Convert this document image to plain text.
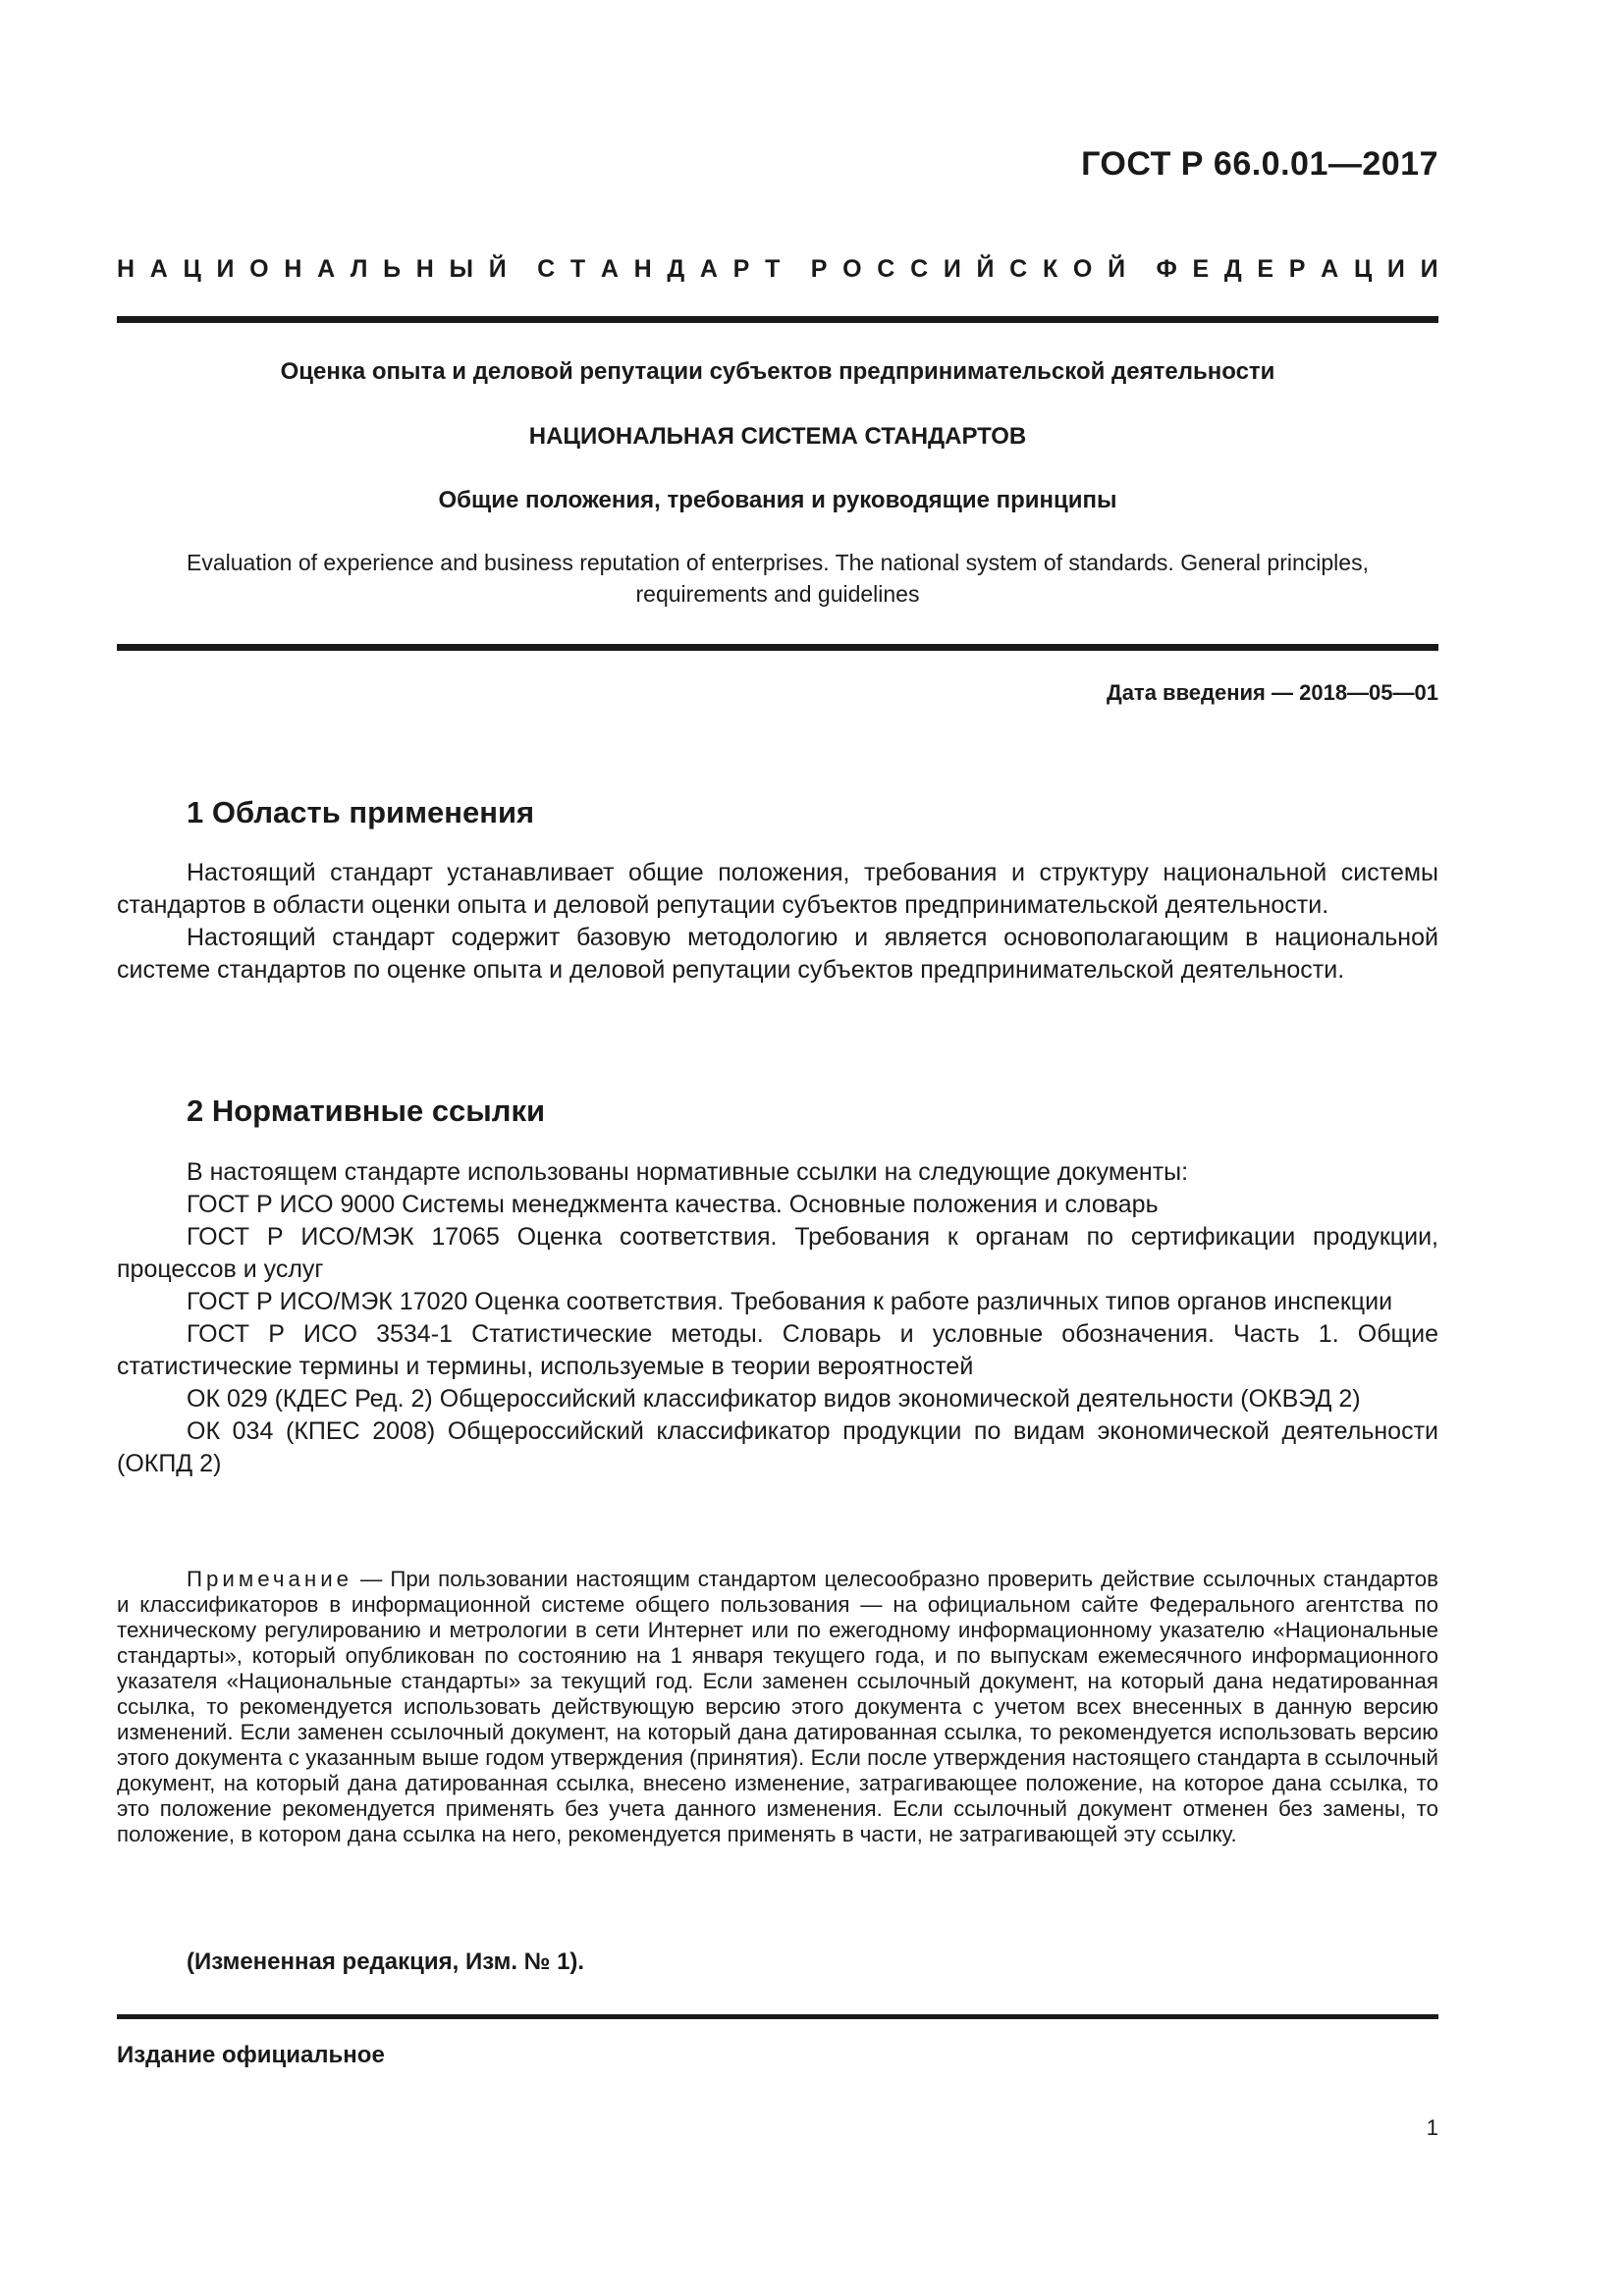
ГОСТ Р 66.0.01—2017
Н А Ц И О Н А Л Ь Н Ы Й С Т А Н Д А Р Т Р О С С И Й С К О Й Ф Е Д Е Р А Ц И И
Оценка опыта и деловой репутации субъектов предпринимательской деятельности
НАЦИОНАЛЬНАЯ СИСТЕМА СТАНДАРТОВ
Общие положения, требования и руководящие принципы
Evaluation of experience and business reputation of enterprises. The national system of standards. General principles,
requirements and guidelines
Дата введения — 2018—05—01
1 Область применения

Настоящий стандарт устанавливает общие положения, требования и структуру национальной системы стандартов в области оценки опыта и деловой репутации субъектов предпринимательской деятельности.

Настоящий стандарт содержит базовую методологию и является основополагающим в национальной системе стандартов по оценке опыта и деловой репутации субъектов предпринимательской деятельности.

2 Нормативные ссылки

В настоящем стандарте использованы нормативные ссылки на следующие документы:

ГОСТ Р ИСО 9000 Системы менеджмента качества. Основные положения и словарь

ГОСТ Р ИСО/МЭК 17065 Оценка соответствия. Требования к органам по сертификации продукции, процессов и услуг

ГОСТ Р ИСО/МЭК 17020 Оценка соответствия. Требования к работе различных типов органов инспекции

ГОСТ Р ИСО 3534-1 Статистические методы. Словарь и условные обозначения. Часть 1. Общие статистические термины и термины, используемые в теории вероятностей

ОК 029 (КДЕС Ред. 2) Общероссийский классификатор видов экономической деятельности (ОКВЭД 2)

ОК 034 (КПЕС 2008) Общероссийский классификатор продукции по видам экономической деятельности (ОКПД 2)

Примечание — При пользовании настоящим стандартом целесообразно проверить действие ссылочных стандартов и классификаторов в информационной системе общего пользования — на официальном сайте Федерального агентства по техническому регулированию и метрологии в сети Интернет или по ежегодному информационному указателю «Национальные стандарты», который опубликован по состоянию на 1 января текущего года, и по выпускам ежемесячного информационного указателя «Национальные стандарты» за текущий год. Если заменен ссылочный документ, на который дана недатированная ссылка, то рекомендуется использовать действующую версию этого документа с учетом всех внесенных в данную версию изменений. Если заменен ссылочный документ, на который дана датированная ссылка, то рекомендуется использовать версию этого документа с указанным выше годом утверждения (принятия). Если после утверждения настоящего стандарта в ссылочный документ, на который дана датированная ссылка, внесено изменение, затрагивающее положение, на которое дана ссылка, то это положение рекомендуется применять без учета данного изменения. Если ссылочный документ отменен без замены, то положение, в котором дана ссылка на него, рекомендуется применять в части, не затрагивающей эту ссылку.

(Измененная редакция, Изм. № 1).
Издание официальное
1
